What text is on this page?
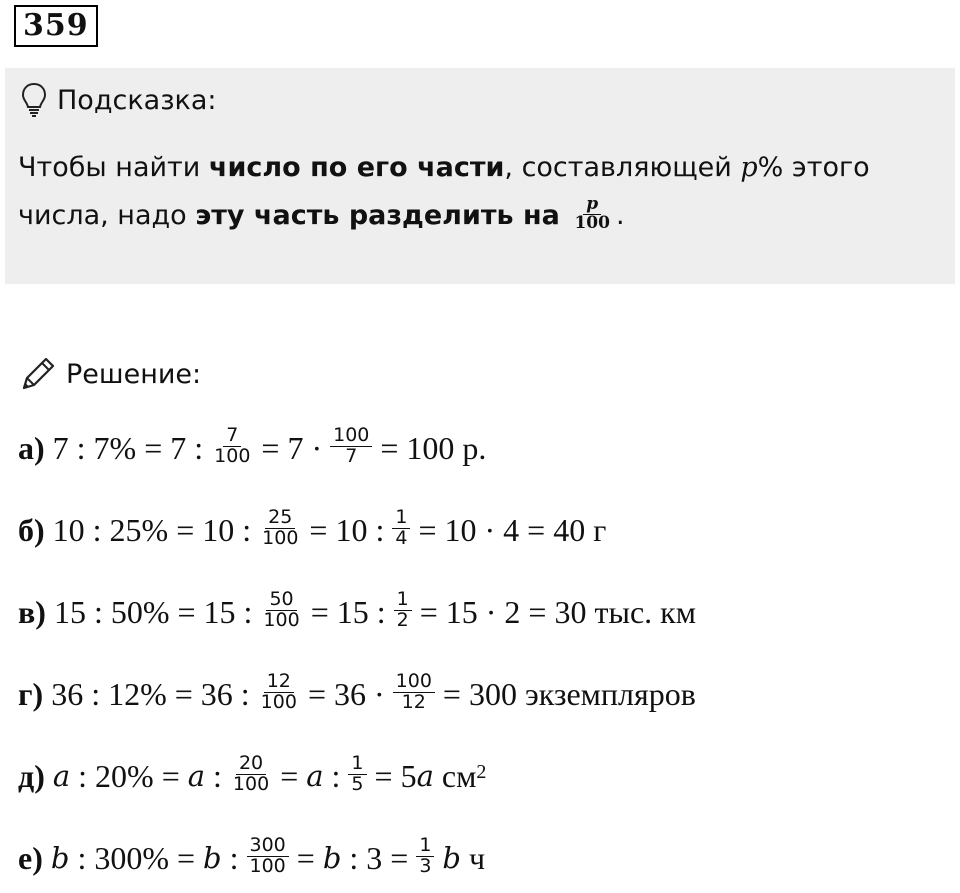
359
Подсказка:
Чтобы найти число по его части, составляющей p% этого
числа, надо эту часть разделить на $\frac{p}{100}$ .
Решение:
а) 7 : 7% = 7 : $\frac{7}{100} = 7 \cdot \frac{100}{7} = 100$ р.
б) 10 : 25% = 10 : $\frac{25}{100} = 10$ : $\frac{1}{4} = 10 \cdot 4 = 40$ г
в) 15 : 50% = 15 : $\frac{50}{100} = 15$ : $\frac{1}{2} = 15 \cdot 2 = 30$ тыс. км
г) 36 : 12% = 36 : $\frac{12}{100} = 36 \cdot \frac{100}{12} = 300$ экземпляров
д) a : 20% = a : $\frac{20}{100} = a$ : $\frac{1}{5} = 5$ a $см^2$
е) b : 300% = b : $\frac{300}{100} = b$ : $3 = \frac{1}{3}$ b ч
